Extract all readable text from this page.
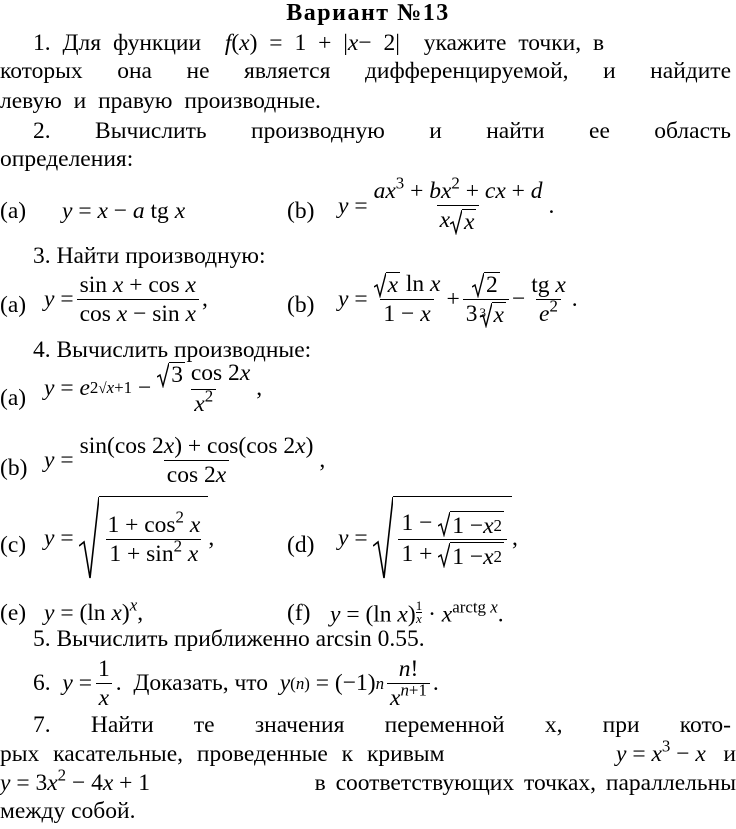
Вариант №13
1. Для функции f ( x ) = 1 + | x − 2| укажите точки, в
которых она не является дифференцируемой, и найдите
левую и правую производные.
2. Вычислить производную и найти ее область
определения:
(a) y = x − a tg x	(b) $y = \frac{ax^3 + bx^2 + cx + d}{\text{x x}}$ .
3. Найти производную:
(a) $y = \frac{\text{sin x + cos x}}{\text{cos x − sin x}}$ ,	(b) $y = \frac{\text{x ln x}}{1 - x} + \frac{2}{3 3 x} - \frac{\text{tg x}}{e^2}$ .
4. Вычислить производные:
(a) y = e $2√x+1 - \frac{3 \cos 2x}{x^2}$ ,
(b) $y = \frac{\sin(\cos 2x) + \cos(\cos 2x)}{\cos 2x}$ ,
(c) $y = \frac{1 + \cos^2 x}{1 + \sin^2 x}$ ,	(d) $y = \frac{1 - 1 - x 2}{1 + 1 - x 2}$ ,
(e) y = (ln x)$^x$,	(f) y = (ln x) $^{\frac{1}{x}} \cdot x^{arctg x}$.
5. Вычислить приближенно arcsin 0.55.
6.
$y = \frac{1}{x}$ . Доказать, что
y (n) = (−1) n $\frac{n!}{x^{n+1}}$ .
7. Найти те значения переменной x, при кото-
рых касательные, проведенные к кривым	$y = x^3 - x$   и
$y = 3x^2 - 4x + 1$	в соответствующих точках, параллельны
между собой.
